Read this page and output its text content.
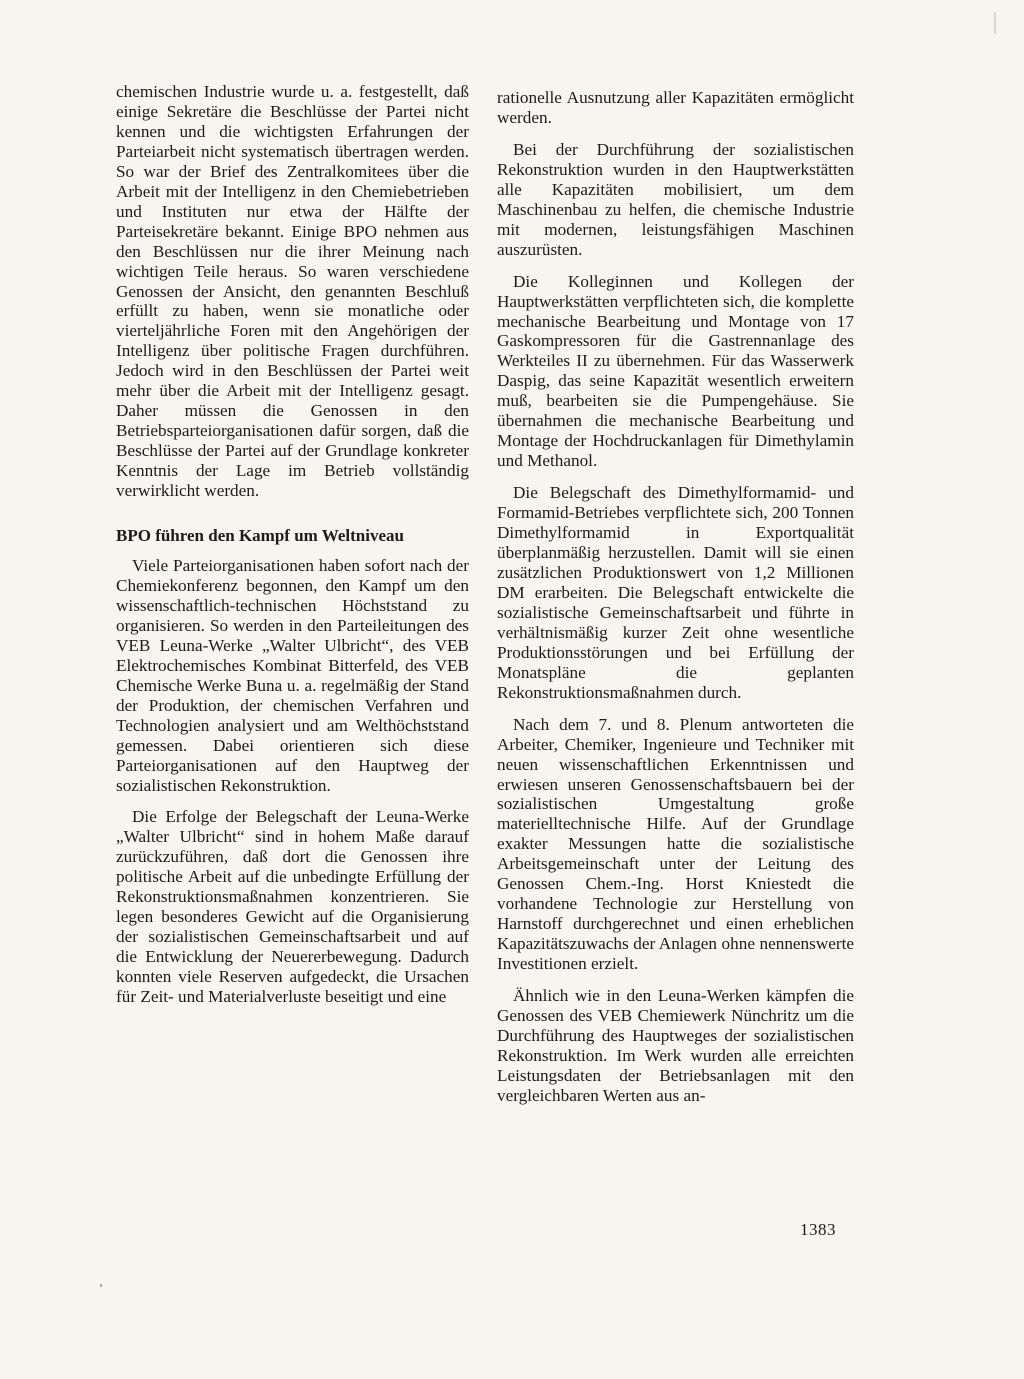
chemischen Industrie wurde u. a. festgestellt, daß einige Sekretäre die Beschlüsse der Partei nicht kennen und die wichtigsten Erfahrungen der Parteiarbeit nicht systematisch übertragen werden. So war der Brief des Zentralkomitees über die Arbeit mit der Intelligenz in den Chemiebetrieben und Instituten nur etwa der Hälfte der Parteisekretäre bekannt. Einige BPO nehmen aus den Beschlüssen nur die ihrer Meinung nach wichtigen Teile heraus. So waren verschiedene Genossen der Ansicht, den genannten Beschluß erfüllt zu haben, wenn sie monatliche oder vierteljährliche Foren mit den Angehörigen der Intelligenz über politische Fragen durchführen. Jedoch wird in den Beschlüssen der Partei weit mehr über die Arbeit mit der Intelligenz gesagt. Daher müssen die Genossen in den Betriebsparteiorganisationen dafür sorgen, daß die Beschlüsse der Partei auf der Grundlage konkreter Kenntnis der Lage im Betrieb vollständig verwirklicht werden.

BPO führen den Kampf um Weltniveau

Viele Parteiorganisationen haben sofort nach der Chemiekonferenz begonnen, den Kampf um den wissenschaftlich-technischen Höchststand zu organisieren. So werden in den Parteileitungen des VEB Leuna-Werke „Walter Ulbricht“, des VEB Elektrochemisches Kombinat Bitterfeld, des VEB Chemische Werke Buna u. a. regelmäßig der Stand der Produktion, der chemischen Verfahren und Technologien analysiert und am Welthöchststand gemessen. Dabei orientieren sich diese Parteiorganisationen auf den Hauptweg der sozialistischen Rekonstruktion.

Die Erfolge der Belegschaft der Leuna-Werke „Walter Ulbricht“ sind in hohem Maße darauf zurückzuführen, daß dort die Genossen ihre politische Arbeit auf die unbedingte Erfüllung der Rekonstruktionsmaßnahmen konzentrieren. Sie legen besonderes Gewicht auf die Organisierung der sozialistischen Gemeinschaftsarbeit und auf die Entwicklung der Neuererbewegung. Dadurch konnten viele Reserven aufgedeckt, die Ursachen für Zeit- und Materialverluste beseitigt und eine

rationelle Ausnutzung aller Kapazitäten ermöglicht werden.

Bei der Durchführung der sozialistischen Rekonstruktion wurden in den Hauptwerkstätten alle Kapazitäten mobilisiert, um dem Maschinenbau zu helfen, die chemische Industrie mit modernen, leistungsfähigen Maschinen auszurüsten.

Die Kolleginnen und Kollegen der Hauptwerkstätten verpflichteten sich, die komplette mechanische Bearbeitung und Montage von 17 Gaskompressoren für die Gastrennanlage des Werkteiles II zu übernehmen. Für das Wasserwerk Daspig, das seine Kapazität wesentlich erweitern muß, bearbeiten sie die Pumpengehäuse. Sie übernahmen die mechanische Bearbeitung und Montage der Hochdruckanlagen für Dimethylamin und Methanol.

Die Belegschaft des Dimethylformamid- und Formamid-Betriebes verpflichtete sich, 200 Tonnen Dimethylformamid in Exportqualität überplanmäßig herzustellen. Damit will sie einen zusätzlichen Produktionswert von 1,2 Millionen DM erarbeiten. Die Belegschaft entwickelte die sozialistische Gemeinschaftsarbeit und führte in verhältnismäßig kurzer Zeit ohne wesentliche Produktionsstörungen und bei Erfüllung der Monatspläne die geplanten Rekonstruktionsmaßnahmen durch.

Nach dem 7. und 8. Plenum antworteten die Arbeiter, Chemiker, Ingenieure und Techniker mit neuen wissenschaftlichen Erkenntnissen und erwiesen unseren Genossenschaftsbauern bei der sozialistischen Umgestaltung große materielltechnische Hilfe. Auf der Grundlage exakter Messungen hatte die sozialistische Arbeitsgemeinschaft unter der Leitung des Genossen Chem.-Ing. Horst Kniestedt die vorhandene Technologie zur Herstellung von Harnstoff durchgerechnet und einen erheblichen Kapazitätszuwachs der Anlagen ohne nennenswerte Investitionen erzielt.

Ähnlich wie in den Leuna-Werken kämpfen die Genossen des VEB Chemiewerk Nünchritz um die Durchführung des Hauptweges der sozialistischen Rekonstruktion. Im Werk wurden alle erreichten Leistungsdaten der Betriebsanlagen mit den vergleichbaren Werten aus an-

1383
